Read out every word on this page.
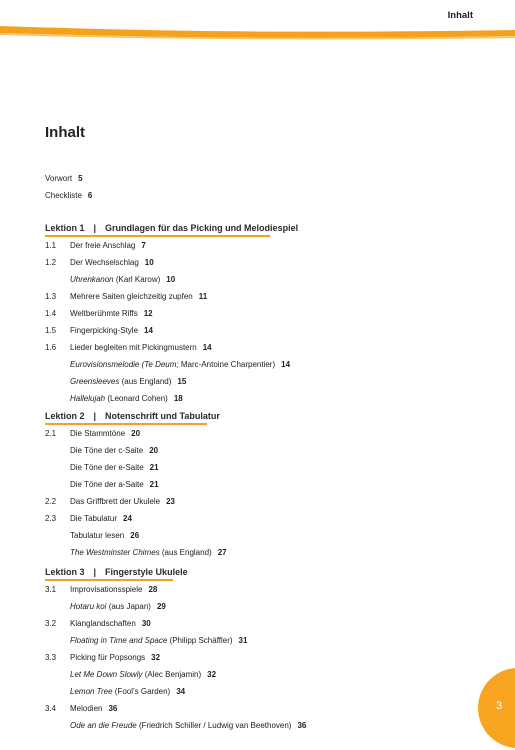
Inhalt
Inhalt
Vorwort 5
Checkliste 6
Lektion 1 | Grundlagen für das Picking und Melodiespiel
1.1	Der freie Anschlag 7
1.2	Der Wechselschlag 10
Uhrenkanon (Karl Karow) 10
1.3	Mehrere Saiten gleichzeitig zupfen 11
1.4	Weltberühmte Riffs 12
1.5	Fingerpicking-Style 14
1.6	Lieder begleiten mit Pickingmustern 14
Eurovisionsmelodie (Te Deum; Marc-Antoine Charpentier) 14
Greensleeves (aus England) 15
Hallelujah (Leonard Cohen) 18
Lektion 2 | Notenschrift und Tabulatur
2.1	Die Stammtöne 20
Die Töne der c-Saite 20
Die Töne der e-Saite 21
Die Töne der a-Saite 21
2.2	Das Griffbrett der Ukulele 23
2.3	Die Tabulatur 24
Tabulatur lesen 26
The Westminster Chimes (aus England) 27
Lektion 3 | Fingerstyle Ukulele
3.1	Improvisationsspiele 28
Hotaru koi (aus Japan) 29
3.2	Klanglandschaften 30
Floating in Time and Space (Philipp Schäffler) 31
3.3	Picking für Popsongs 32
Let Me Down Slowly (Alec Benjamin) 32
Lemon Tree (Fool’s Garden) 34
3.4	Melodien 36
Ode an die Freude (Friedrich Schiller / Ludwig van Beethoven) 36
3
